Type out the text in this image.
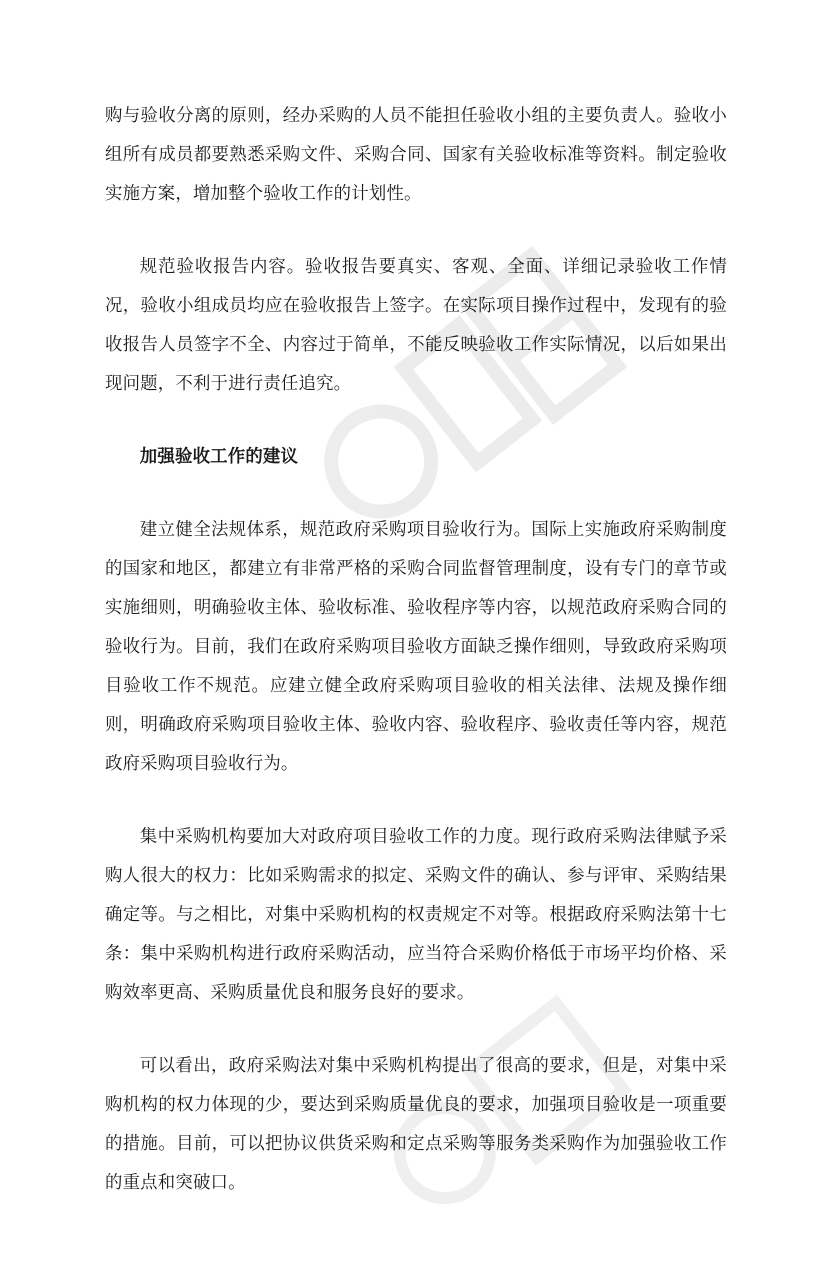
购与验收分离的原则，经办采购的人员不能担任验收小组的主要负责人。验收小组所有成员都要熟悉采购文件、采购合同、国家有关验收标准等资料。制定验收实施方案，增加整个验收工作的计划性。

规范验收报告内容。验收报告要真实、客观、全面、详细记录验收工作情况，验收小组成员均应在验收报告上签字。在实际项目操作过程中，发现有的验收报告人员签字不全、内容过于简单，不能反映验收工作实际情况，以后如果出现问题，不利于进行责任追究。

加强验收工作的建议

建立健全法规体系，规范政府采购项目验收行为。国际上实施政府采购制度的国家和地区，都建立有非常严格的采购合同监督管理制度，设有专门的章节或实施细则，明确验收主体、验收标准、验收程序等内容，以规范政府采购合同的验收行为。目前，我们在政府采购项目验收方面缺乏操作细则，导致政府采购项目验收工作不规范。应建立健全政府采购项目验收的相关法律、法规及操作细则，明确政府采购项目验收主体、验收内容、验收程序、验收责任等内容，规范政府采购项目验收行为。

集中采购机构要加大对政府项目验收工作的力度。现行政府采购法律赋予采购人很大的权力：比如采购需求的拟定、采购文件的确认、参与评审、采购结果确定等。与之相比，对集中采购机构的权责规定不对等。根据政府采购法第十七条：集中采购机构进行政府采购活动，应当符合采购价格低于市场平均价格、采购效率更高、采购质量优良和服务良好的要求。

可以看出，政府采购法对集中采购机构提出了很高的要求，但是，对集中采购机构的权力体现的少，要达到采购质量优良的要求，加强项目验收是一项重要的措施。目前，可以把协议供货采购和定点采购等服务类采购作为加强验收工作的重点和突破口。
